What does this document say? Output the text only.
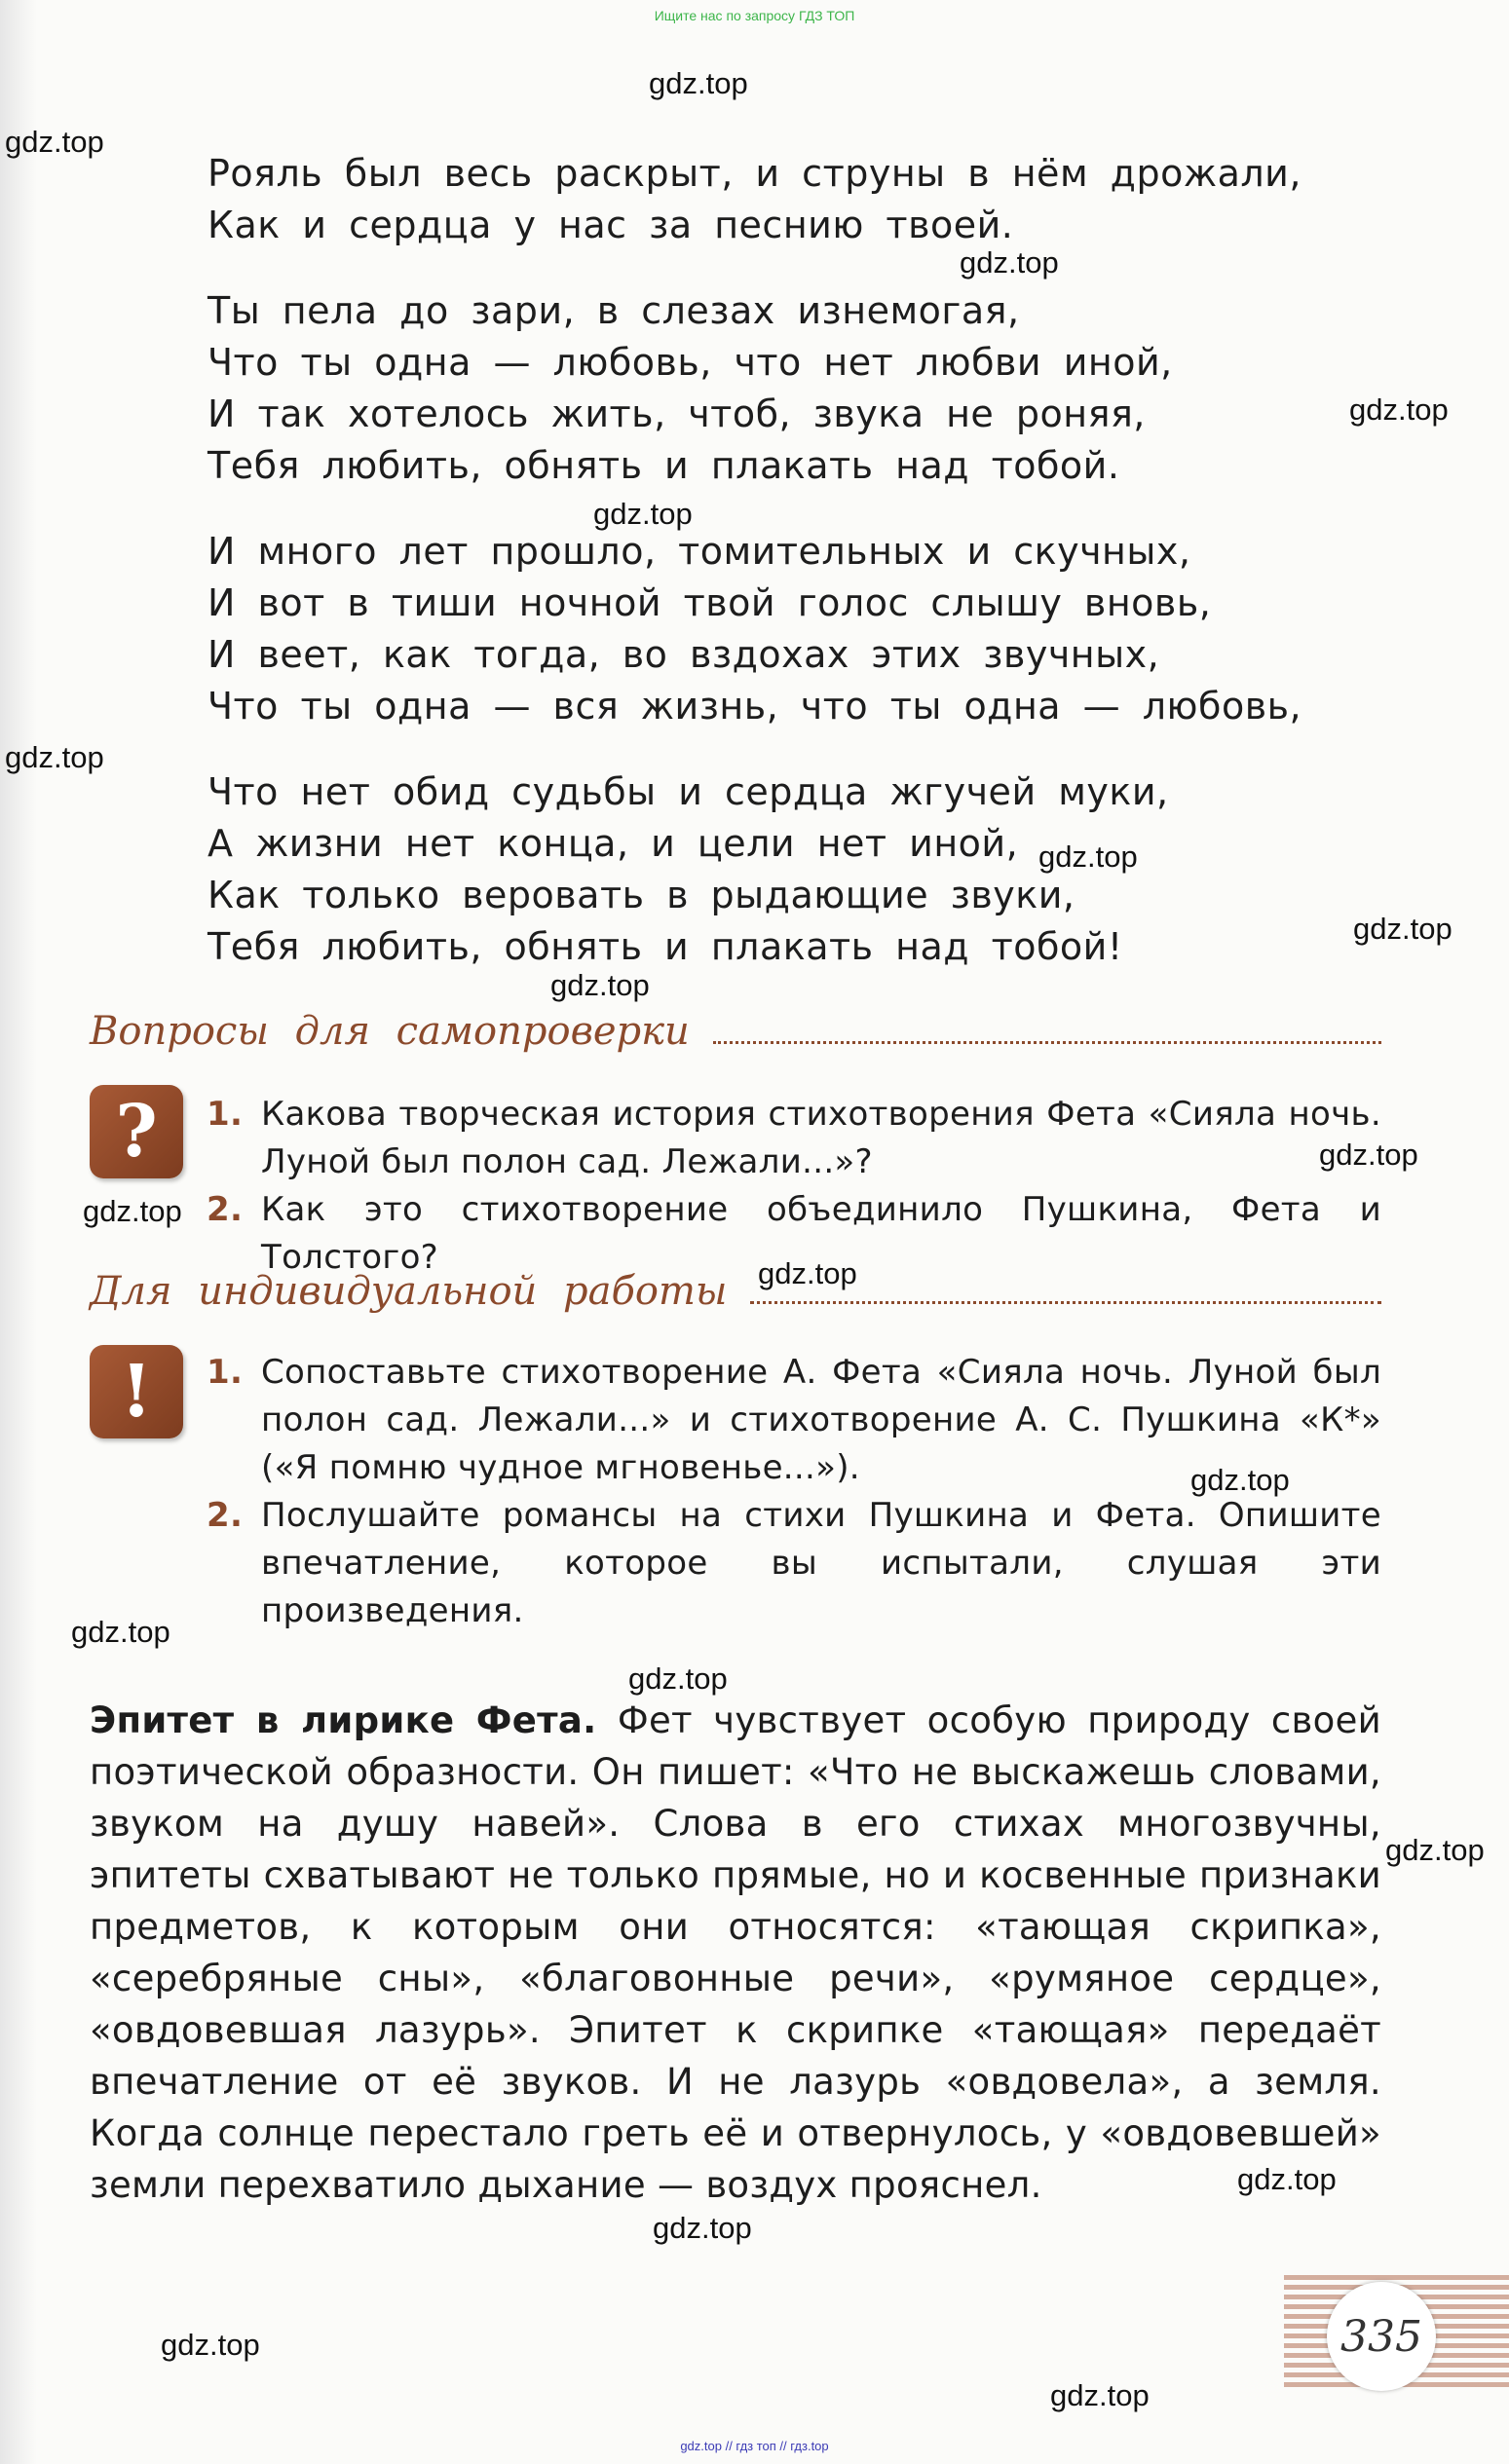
Ищите нас по запросу ГДЗ ТОП
gdz.top
gdz.top
gdz.top
gdz.top
gdz.top
gdz.top
gdz.top
gdz.top
gdz.top
gdz.top
gdz.top
gdz.top
gdz.top
gdz.top
gdz.top
gdz.top
gdz.top
gdz.top
gdz.top
gdz.top
Рояль был весь раскрыт, и струны в нём дрожали,
Как и сердца у нас за песнию твоей.
Ты пела до зари, в слезах изнемогая,
Что ты одна — любовь, что нет любви иной,
И так хотелось жить, чтоб, звука не роняя,
Тебя любить, обнять и плакать над тобой.
И много лет прошло, томительных и скучных,
И вот в тиши ночной твой голос слышу вновь,
И веет, как тогда, во вздохах этих звучных,
Что ты одна — вся жизнь, что ты одна — любовь,
Что нет обид судьбы и сердца жгучей муки,
А жизни нет конца, и цели нет иной,
Как только веровать в рыдающие звуки,
Тебя любить, обнять и плакать над тобой!
Вопросы для самопроверки
?	1. Какова творческая история стихотворения Фета «Сияла ночь. Луной был полон сад. Лежали...»?
2. Как это стихотворение объединило Пушкина, Фета и Толстого?
Для индивидуальной работы
!	1. Сопоставьте стихотворение А. Фета «Сияла ночь. Луной был полон сад. Лежали...» и стихотворение А. С. Пушкина «К*» («Я помню чудное мгновенье...»).
2. Послушайте романсы на стихи Пушкина и Фета. Опишите впечатление, которое вы испытали, слушая эти произведения.
Эпитет в лирике Фета. Фет чувствует особую природу своей поэтической образности. Он пишет: «Что не выскажешь словами, звуком на душу навей». Слова в его стихах многозвучны, эпитеты схватывают не только прямые, но и косвенные признаки предметов, к которым они относятся: «тающая скрипка», «серебряные сны», «благовонные речи», «румяное сердце», «овдовевшая лазурь». Эпитет к скрипке «тающая» передаёт впечатление от её звуков. И не лазурь «овдовела», а земля. Когда солнце перестало греть её и отвернулось, у «овдовевшей» земли перехватило дыхание — воздух прояснел.
335
gdz.top // гдз топ // гдз.top
